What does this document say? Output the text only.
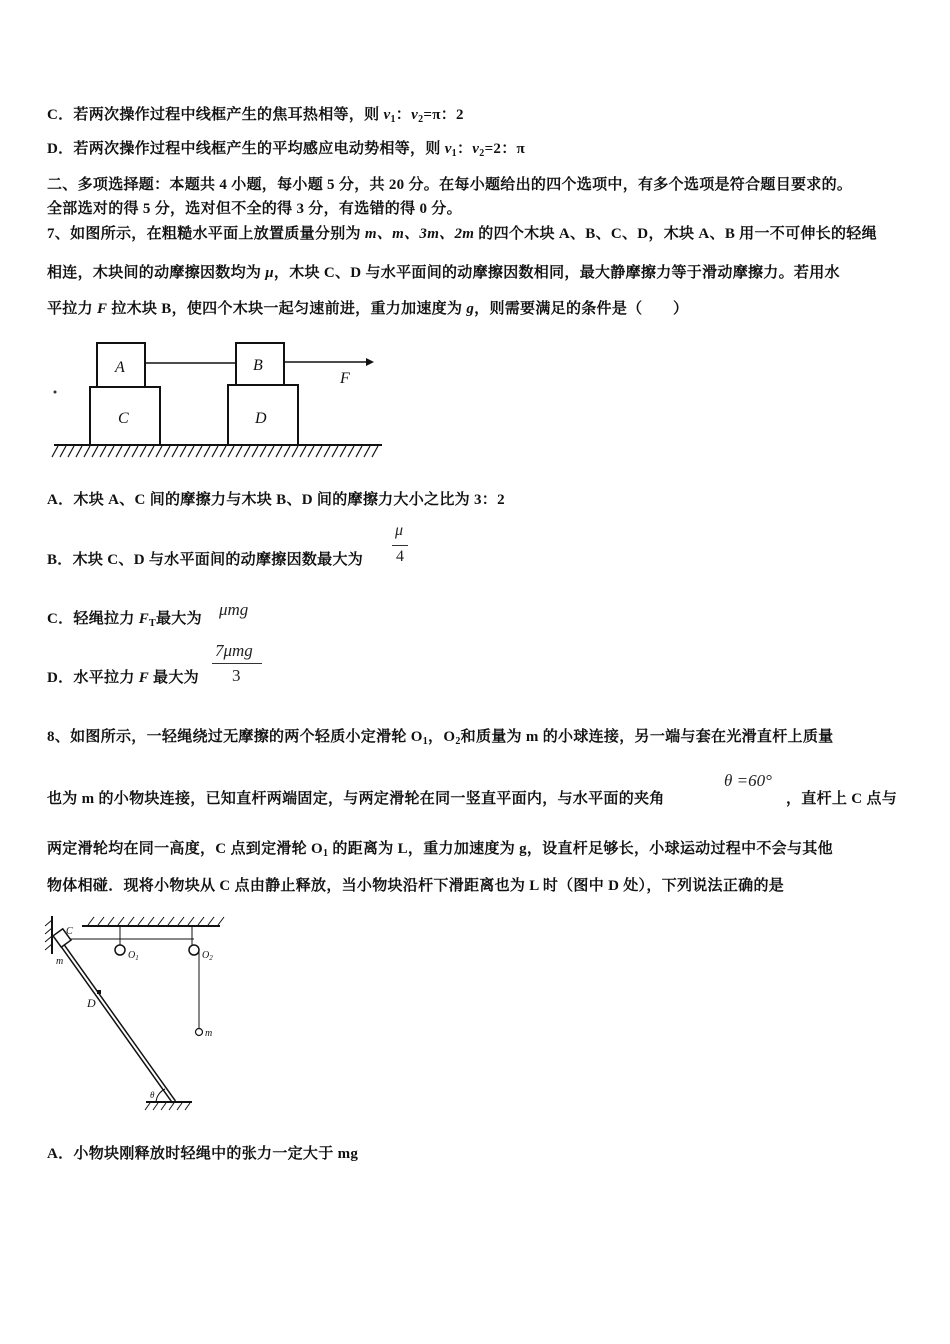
C．若两次操作过程中线框产生的焦耳热相等，则 $v_1$：$v_2=\pi$：2
D．若两次操作过程中线框产生的平均感应电动势相等，则 $v_1$：$v_2=2$：π
二、多项选择题：本题共 4 小题，每小题 5 分，共 20 分。在每小题给出的四个选项中，有多个选项是符合题目要求的。
全部选对的得 5 分，选对但不全的得 3 分，有选错的得 0 分。
7、如图所示，在粗糙水平面上放置质量分别为 m、m、3m、2m 的四个木块 A、B、C、D，木块 A、B 用一不可伸长的轻绳
相连，木块间的动摩擦因数均为 μ，木块 C、D 与水平面间的动摩擦因数相同，最大静摩擦力等于滑动摩擦力。若用水
平拉力 F 拉木块 B，使四个木块一起匀速前进，重力加速度为 g，则需要满足的条件是（　　）
A
C
B
D
F
A．木块 A、C 间的摩擦力与木块 B、D 间的摩擦力大小之比为 3：2
B．木块 C、D 与水平面间的动摩擦因数最大为
μ
4
C．轻绳拉力 $F_T$最大为 μmg
D．水平拉力 F 最大为
7μmg
3
8、如图所示，一轻绳绕过无摩擦的两个轻质小定滑轮 $O_1$，$O_2$和质量为 m 的小球连接，另一端与套在光滑直杆上质量
也为 m 的小物块连接，已知直杆两端固定，与两定滑轮在同一竖直平面内，与水平面的夹角
θ =60°
，直杆上 C 点与
两定滑轮均在同一高度，C 点到定滑轮 $O_1$ 的距离为 L，重力加速度为 g，设直杆足够长，小球运动过程中不会与其他
物体相碰．现将小物块从 C 点由静止释放，当小物块沿杆下滑距离也为 L 时（图中 D 处），下列说法正确的是
C
m
$O_1$	$O_2$
D
m
θ
A．小物块刚释放时轻绳中的张力一定大于 mg
